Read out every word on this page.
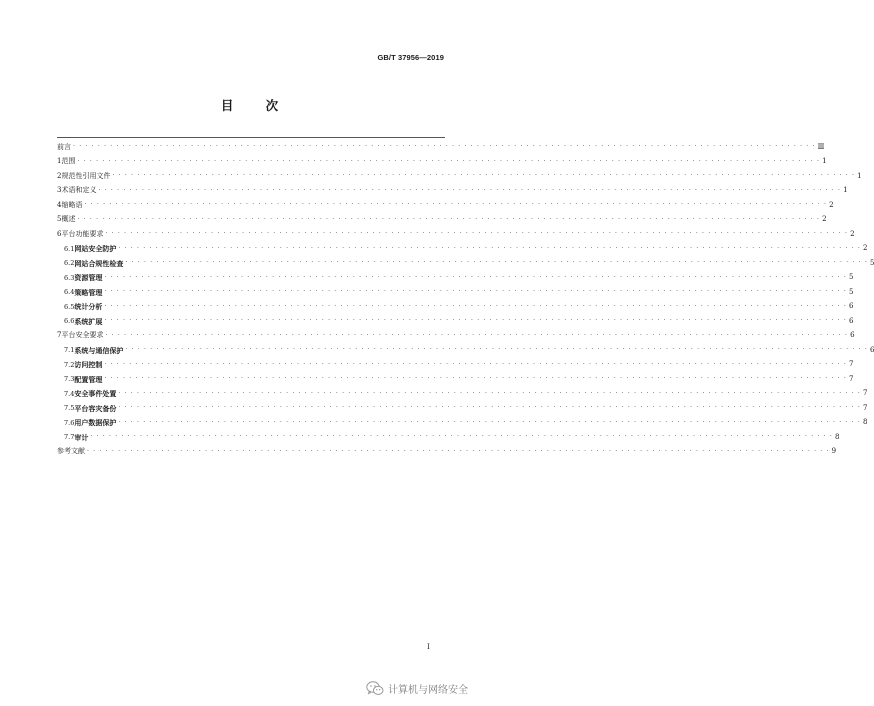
GB/T 37956—2019
目 次
前言 · · · · · · · · · · · · · · · · · · · · · · · · · · · · · · · · · · · · · · · · · · · · · · · · · · · · · · · · · · · · · · · · · · · · · · · · · · · · · · · · · · · · · · · · · · · · · · · · · · · · · · · · · · · · · · · · · · · · · · · · Ⅲ
1 范围 · · · · · · · · · · · · · · · · · · · · · · · · · · · · · · · · · · · · · · · · · · · · · · · · · · · · · · · · · · · · · · · · · · · · · · · · · · · · · · · · · · · · · · · · · · · · · · · · · · · · · · · · · · · · · · · · · · · · · · · · 1
2 规范性引用文件 · · · · · · · · · · · · · · · · · · · · · · · · · · · · · · · · · · · · · · · · · · · · · · · · · · · · · · · · · · · · · · · · · · · · · · · · · · · · · · · · · · · · · · · · · · · · · · · · · · · · · · · · · · · · · · · · · · · · · · · · 1
3 术语和定义 · · · · · · · · · · · · · · · · · · · · · · · · · · · · · · · · · · · · · · · · · · · · · · · · · · · · · · · · · · · · · · · · · · · · · · · · · · · · · · · · · · · · · · · · · · · · · · · · · · · · · · · · · · · · · · · · · · · · · · · · 1
4 缩略语 · · · · · · · · · · · · · · · · · · · · · · · · · · · · · · · · · · · · · · · · · · · · · · · · · · · · · · · · · · · · · · · · · · · · · · · · · · · · · · · · · · · · · · · · · · · · · · · · · · · · · · · · · · · · · · · · · · · · · · · · 2
5 概述 · · · · · · · · · · · · · · · · · · · · · · · · · · · · · · · · · · · · · · · · · · · · · · · · · · · · · · · · · · · · · · · · · · · · · · · · · · · · · · · · · · · · · · · · · · · · · · · · · · · · · · · · · · · · · · · · · · · · · · · · 2
6 平台功能要求 · · · · · · · · · · · · · · · · · · · · · · · · · · · · · · · · · · · · · · · · · · · · · · · · · · · · · · · · · · · · · · · · · · · · · · · · · · · · · · · · · · · · · · · · · · · · · · · · · · · · · · · · · · · · · · · · · · · · · · · · 2
6.1 网站安全防护 · · · · · · · · · · · · · · · · · · · · · · · · · · · · · · · · · · · · · · · · · · · · · · · · · · · · · · · · · · · · · · · · · · · · · · · · · · · · · · · · · · · · · · · · · · · · · · · · · · · · · · · · · · · · · · · · · · · · · · · · 2
6.2 网站合规性检查 · · · · · · · · · · · · · · · · · · · · · · · · · · · · · · · · · · · · · · · · · · · · · · · · · · · · · · · · · · · · · · · · · · · · · · · · · · · · · · · · · · · · · · · · · · · · · · · · · · · · · · · · · · · · · · · · · · · · · · · · 5
6.3 资源管理 · · · · · · · · · · · · · · · · · · · · · · · · · · · · · · · · · · · · · · · · · · · · · · · · · · · · · · · · · · · · · · · · · · · · · · · · · · · · · · · · · · · · · · · · · · · · · · · · · · · · · · · · · · · · · · · · · · · · · · · · 5
6.4 策略管理 · · · · · · · · · · · · · · · · · · · · · · · · · · · · · · · · · · · · · · · · · · · · · · · · · · · · · · · · · · · · · · · · · · · · · · · · · · · · · · · · · · · · · · · · · · · · · · · · · · · · · · · · · · · · · · · · · · · · · · · · 5
6.5 统计分析 · · · · · · · · · · · · · · · · · · · · · · · · · · · · · · · · · · · · · · · · · · · · · · · · · · · · · · · · · · · · · · · · · · · · · · · · · · · · · · · · · · · · · · · · · · · · · · · · · · · · · · · · · · · · · · · · · · · · · · · · 6
6.6 系统扩展 · · · · · · · · · · · · · · · · · · · · · · · · · · · · · · · · · · · · · · · · · · · · · · · · · · · · · · · · · · · · · · · · · · · · · · · · · · · · · · · · · · · · · · · · · · · · · · · · · · · · · · · · · · · · · · · · · · · · · · · · 6
7 平台安全要求 · · · · · · · · · · · · · · · · · · · · · · · · · · · · · · · · · · · · · · · · · · · · · · · · · · · · · · · · · · · · · · · · · · · · · · · · · · · · · · · · · · · · · · · · · · · · · · · · · · · · · · · · · · · · · · · · · · · · · · · · 6
7.1 系统与通信保护 · · · · · · · · · · · · · · · · · · · · · · · · · · · · · · · · · · · · · · · · · · · · · · · · · · · · · · · · · · · · · · · · · · · · · · · · · · · · · · · · · · · · · · · · · · · · · · · · · · · · · · · · · · · · · · · · · · · · · · · · 6
7.2 访问控制 · · · · · · · · · · · · · · · · · · · · · · · · · · · · · · · · · · · · · · · · · · · · · · · · · · · · · · · · · · · · · · · · · · · · · · · · · · · · · · · · · · · · · · · · · · · · · · · · · · · · · · · · · · · · · · · · · · · · · · · · 7
7.3 配置管理 · · · · · · · · · · · · · · · · · · · · · · · · · · · · · · · · · · · · · · · · · · · · · · · · · · · · · · · · · · · · · · · · · · · · · · · · · · · · · · · · · · · · · · · · · · · · · · · · · · · · · · · · · · · · · · · · · · · · · · · · 7
7.4 安全事件处置 · · · · · · · · · · · · · · · · · · · · · · · · · · · · · · · · · · · · · · · · · · · · · · · · · · · · · · · · · · · · · · · · · · · · · · · · · · · · · · · · · · · · · · · · · · · · · · · · · · · · · · · · · · · · · · · · · · · · · · · · 7
7.5 平台容灾备份 · · · · · · · · · · · · · · · · · · · · · · · · · · · · · · · · · · · · · · · · · · · · · · · · · · · · · · · · · · · · · · · · · · · · · · · · · · · · · · · · · · · · · · · · · · · · · · · · · · · · · · · · · · · · · · · · · · · · · · · · 7
7.6 用户数据保护 · · · · · · · · · · · · · · · · · · · · · · · · · · · · · · · · · · · · · · · · · · · · · · · · · · · · · · · · · · · · · · · · · · · · · · · · · · · · · · · · · · · · · · · · · · · · · · · · · · · · · · · · · · · · · · · · · · · · · · · · 8
7.7 审计 · · · · · · · · · · · · · · · · · · · · · · · · · · · · · · · · · · · · · · · · · · · · · · · · · · · · · · · · · · · · · · · · · · · · · · · · · · · · · · · · · · · · · · · · · · · · · · · · · · · · · · · · · · · · · · · · · · · · · · · · 8
参考文献 · · · · · · · · · · · · · · · · · · · · · · · · · · · · · · · · · · · · · · · · · · · · · · · · · · · · · · · · · · · · · · · · · · · · · · · · · · · · · · · · · · · · · · · · · · · · · · · · · · · · · · · · · · · · · · · · · · · · · · · · 9
I
计算机与网络安全
